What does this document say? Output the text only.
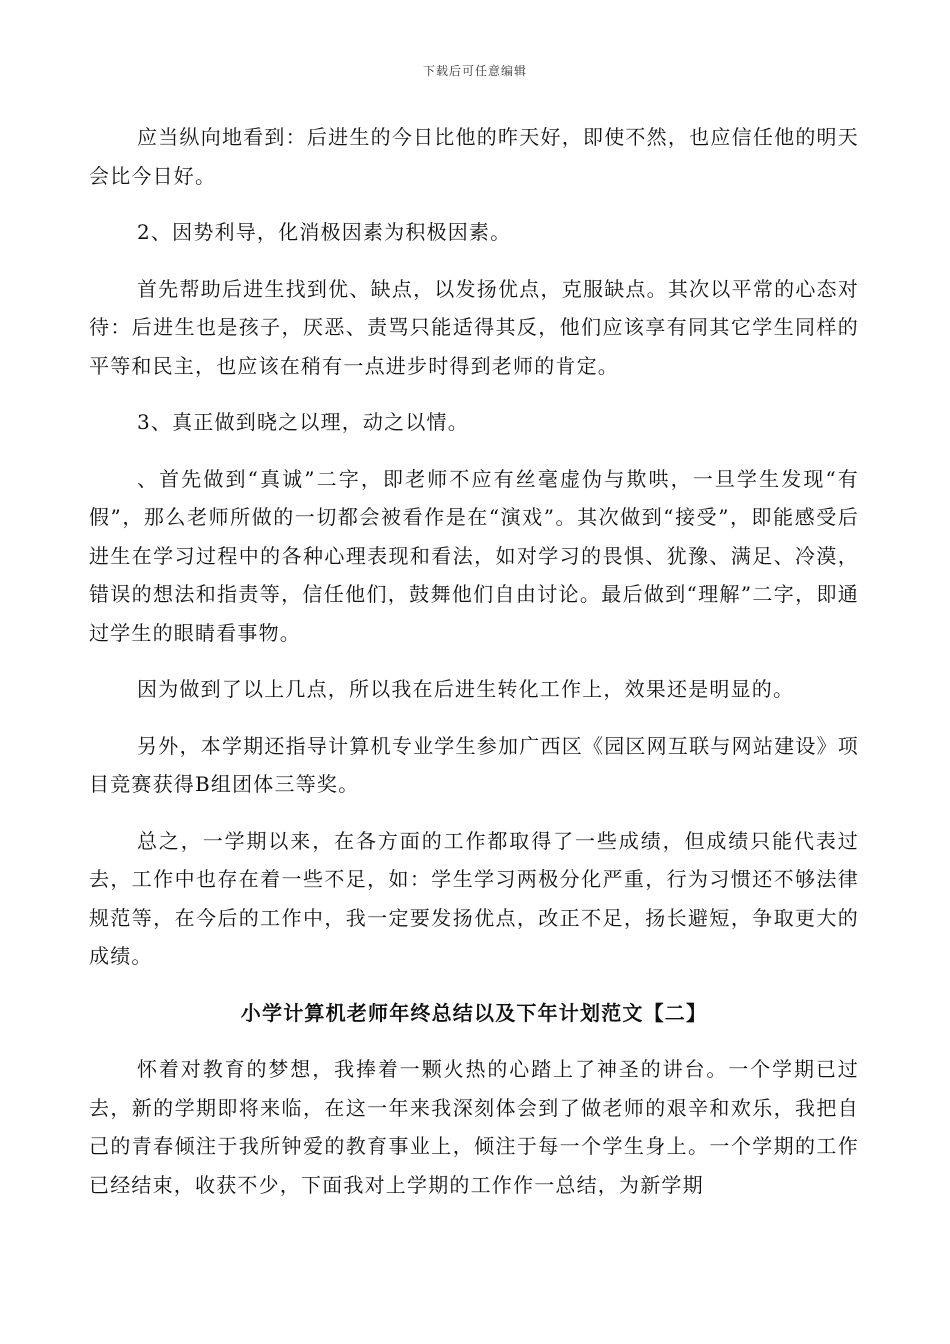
下载后可任意编辑

应当纵向地看到：后进生的今日比他的昨天好，即使不然，也应信任他的明天会比今日好。

2、因势利导，化消极因素为积极因素。

首先帮助后进生找到优、缺点，以发扬优点，克服缺点。其次以平常的心态对待：后进生也是孩子，厌恶、责骂只能适得其反，他们应该享有同其它学生同样的平等和民主，也应该在稍有一点进步时得到老师的肯定。

3、真正做到晓之以理，动之以情。

、首先做到“真诚”二字，即老师不应有丝毫虚伪与欺哄，一旦学生发现“有假”，那么老师所做的一切都会被看作是在“演戏”。其次做到“接受”，即能感受后进生在学习过程中的各种心理表现和看法，如对学习的畏惧、犹豫、满足、冷漠，错误的想法和指责等，信任他们，鼓舞他们自由讨论。最后做到“理解”二字，即通过学生的眼睛看事物。

因为做到了以上几点，所以我在后进生转化工作上，效果还是明显的。

另外，本学期还指导计算机专业学生参加广西区《园区网互联与网站建设》项目竞赛获得B组团体三等奖。

总之，一学期以来，在各方面的工作都取得了一些成绩，但成绩只能代表过去，工作中也存在着一些不足，如：学生学习两极分化严重，行为习惯还不够法律规范等，在今后的工作中，我一定要发扬优点，改正不足，扬长避短，争取更大的成绩。

小学计算机老师年终总结以及下年计划范文【二】

怀着对教育的梦想，我捧着一颗火热的心踏上了神圣的讲台。一个学期已过去，新的学期即将来临，在这一年来我深刻体会到了做老师的艰辛和欢乐，我把自己的青春倾注于我所钟爱的教育事业上，倾注于每一个学生身上。一个学期的工作已经结束，收获不少，下面我对上学期的工作作一总结，为新学期
